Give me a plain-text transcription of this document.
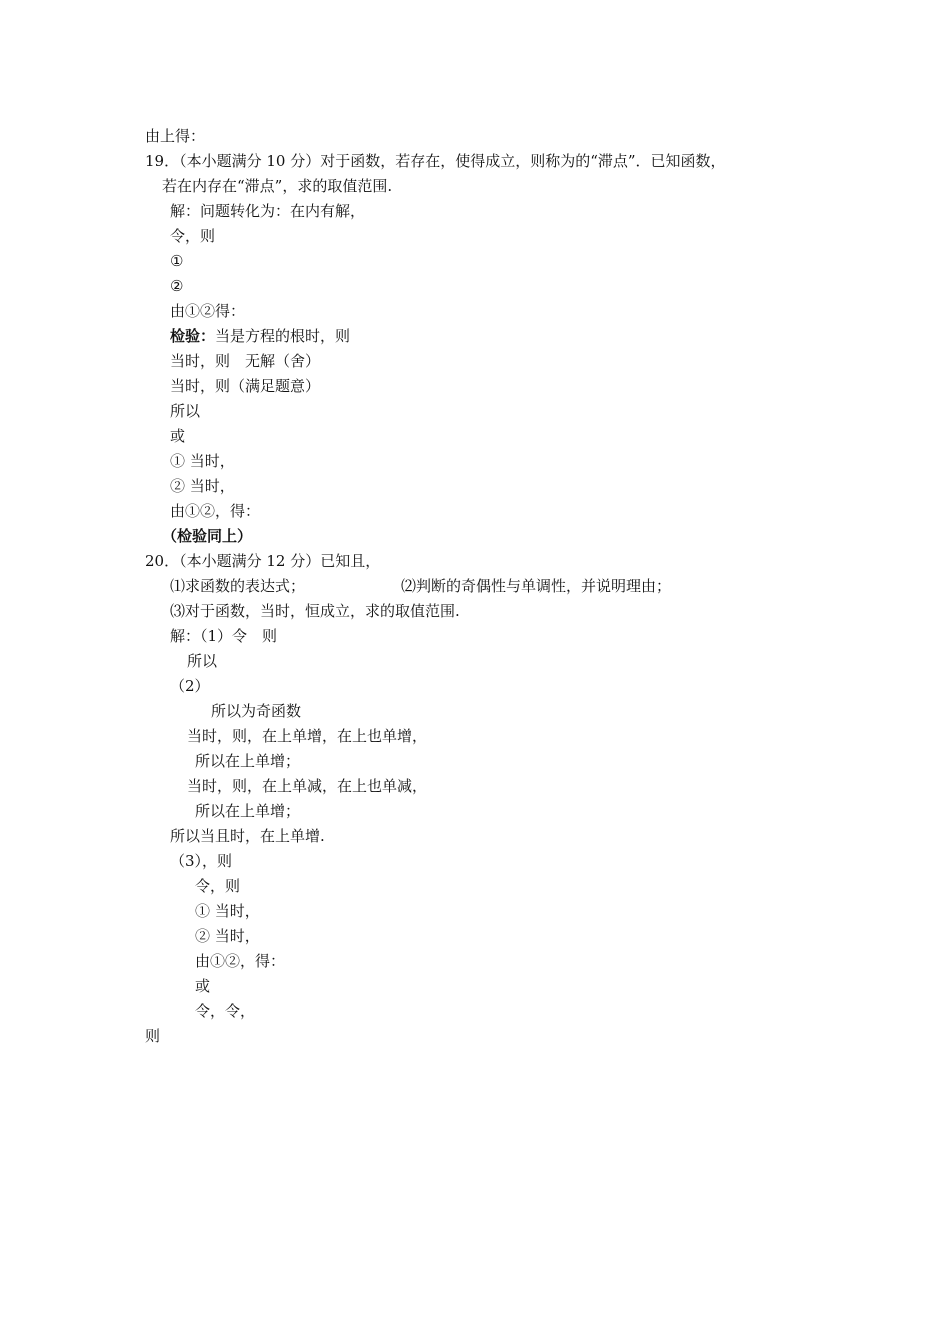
由上得：
19．（本小题满分 10 分）对于函数，若存在，使得成立，则称为的“滞点”．已知函数，
若在内存在“滞点”，求的取值范围.
解：问题转化为：在内有解，
令，则
①
②
由①②得：
检验：当是方程的根时，则
当时，则　无解（舍）
当时，则（满足题意）
所以
或
① 当时，
② 当时，
由①②，得：
（检验同上）
20．（本小题满分 12 分）已知且，
⑴求函数的表达式；	⑵判断的奇偶性与单调性，并说明理由；
⑶对于函数，当时，恒成立，求的取值范围.
解：（1）令　则
所以
（2）
所以为奇函数
当时，则，在上单增，在上也单增，
所以在上单增；
当时，则，在上单减，在上也单减，
所以在上单增；
所以当且时，在上单增.
（3），则
令，则
① 当时，
② 当时，
由①②，得：
或
令，令，
则
